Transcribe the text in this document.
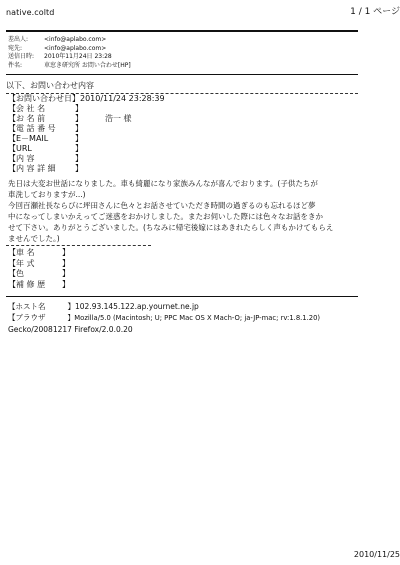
native.coltd	1 / 1 ページ
差出人:	<info@aplabo.com>
宛先:	<info@aplabo.com>
送信日時: 2010年11月24日 23:28
件名:	車窓き研究所 お問い合わせ[HP]
以下、お問い合わせ内容
【お問い合わせ日】2010/11/24 23:28:39
【会 社 名	】
【お 名 前	】	浩一 様
【電 話 番 号 】
【E－MAIL	】
【URL	】
【内 容	】
【内 容 詳 細 】

先日は大変お世話になりました。車も綺麗になり家族みんなが喜んでおります。(子供たちが

車洗しておりますが...)

今回百瀬社長ならびに坪田さんに色々とお話させていただき時間の過ぎるのも忘れるほど夢

中になってしまいかえってご迷惑をおかけしました。またお伺いした際には色々なお話をきか

せて下さい。ありがとうございました。(ちなみに帰宅後嫁にはあきれたらしく声もかけてもらえ

ませんでした。)

【車 名	】
【年 式	】
【色	】
【補 修 歴 】
【ホスト名	】102.93.145.122.ap.yournet.ne.jp
【ブラウザ	】Mozilla/5.0 (Macintosh; U; PPC Mac OS X Mach-O; ja-JP-mac; rv:1.8.1.20)
Gecko/20081217 Firefox/2.0.0.20
2010/11/25
